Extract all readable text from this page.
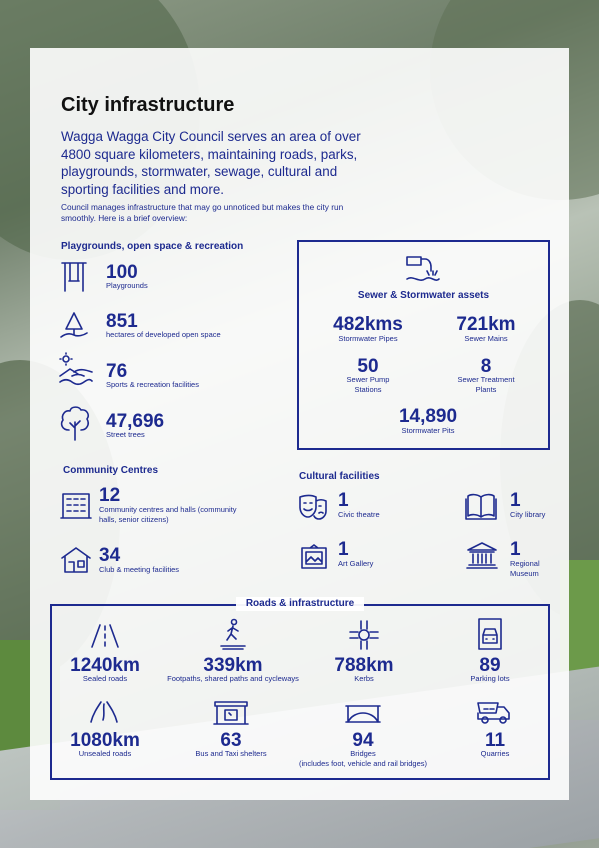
City infrastructure

Wagga Wagga City Council serves an area of over 4800 square kilometers, maintaining roads, parks, playgrounds, stormwater, sewage, cultural and sporting facilities and more.

Council manages infrastructure that may go unnoticed but makes the city run smoothly. Here is a brief overview:

Playgrounds, open space & recreation
100
Playgrounds
851
hectares of developed open space
76
Sports & recreation facilities
47,696
Street trees
Sewer & Stormwater assets
482kms
Stormwater Pipes
721km
Sewer Mains
50
Sewer Pump Stations
8
Sewer Treatment Plants
14,890
Stormwater Pits
Community Centres
12
Community centres and halls (community halls, senior citizens)
34
Club & meeting facilities
Cultural facilities
1
Civic theatre
1
City library
1
Art Gallery
1
Regional Museum
Roads & infrastructure
1240km
Sealed roads
339km
Footpaths, shared paths and cycleways
788km
Kerbs
89
Parking lots
1080km
Unsealed roads
63
Bus and Taxi shelters
94
Bridges
(includes foot, vehicle and rail bridges)
11
Quarries
